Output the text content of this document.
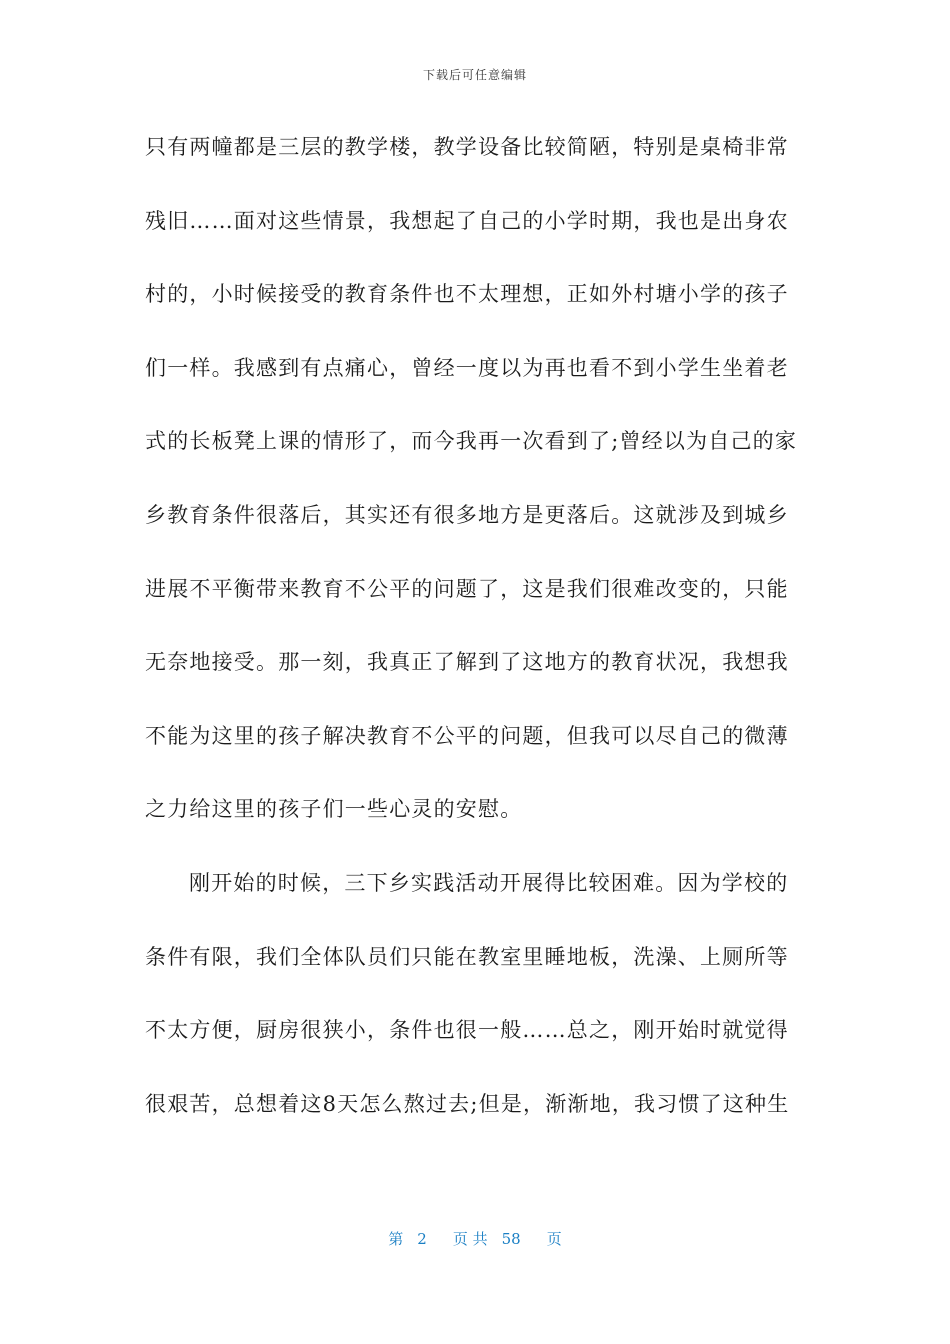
下载后可任意编辑
只有两幢都是三层的教学楼，教学设备比较简陋，特别是桌椅非常
残旧……面对这些情景，我想起了自己的小学时期，我也是出身农
村的，小时候接受的教育条件也不太理想，正如外村塘小学的孩子
们一样。我感到有点痛心，曾经一度以为再也看不到小学生坐着老
式的长板凳上课的情形了，而今我再一次看到了;曾经以为自己的家
乡教育条件很落后，其实还有很多地方是更落后。这就涉及到城乡
进展不平衡带来教育不公平的问题了，这是我们很难改变的，只能
无奈地接受。那一刻，我真正了解到了这地方的教育状况，我想我
不能为这里的孩子解决教育不公平的问题，但我可以尽自己的微薄
之力给这里的孩子们一些心灵的安慰。
刚开始的时候，三下乡实践活动开展得比较困难。因为学校的
条件有限，我们全体队员们只能在教室里睡地板，洗澡、上厕所等
不太方便，厨房很狭小，条件也很一般……总之，刚开始时就觉得
很艰苦，总想着这8天怎么熬过去;但是，渐渐地，我习惯了这种生
第 2 页 共 58 页
